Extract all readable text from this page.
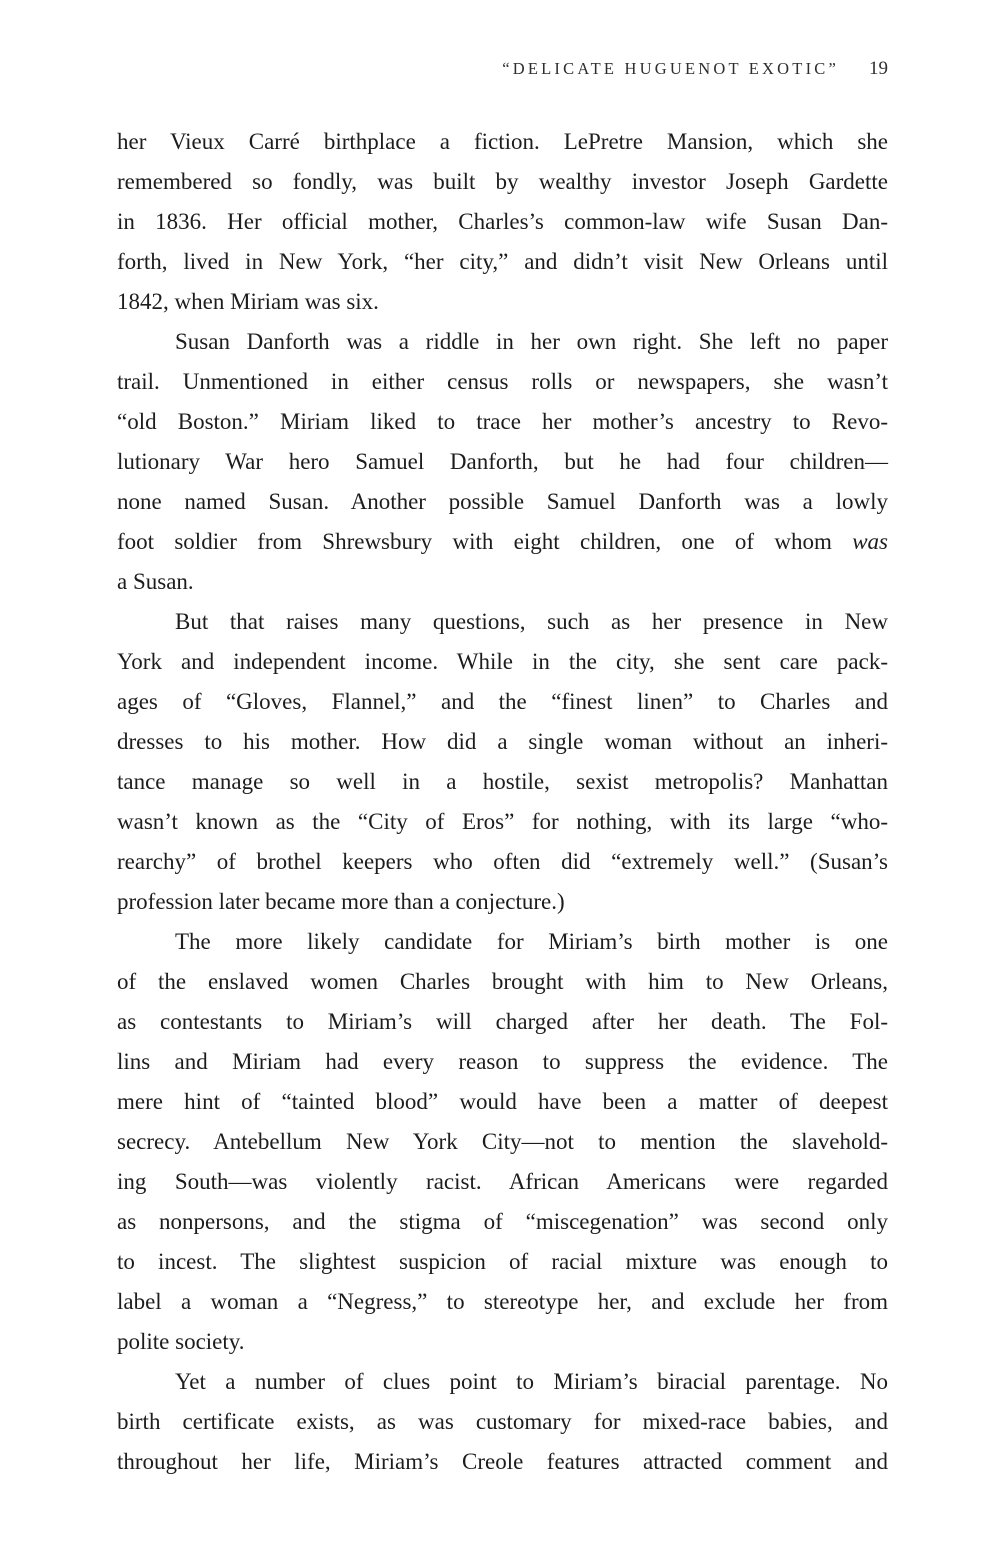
“DELICATE HUGUENOT EXOTIC” 19
her Vieux Carré birthplace a fiction. LePretre Mansion, which she
remembered so fondly, was built by wealthy investor Joseph Gardette
in 1836. Her official mother, Charles’s common-law wife Susan Dan-
forth, lived in New York, “her city,” and didn’t visit New Orleans until
1842, when Miriam was six.
Susan Danforth was a riddle in her own right. She left no paper
trail. Unmentioned in either census rolls or newspapers, she wasn’t
“old Boston.” Miriam liked to trace her mother’s ancestry to Revo-
lutionary War hero Samuel Danforth, but he had four children—
none named Susan. Another possible Samuel Danforth was a lowly
foot soldier from Shrewsbury with eight children, one of whom was
a Susan.
But that raises many questions, such as her presence in New
York and independent income. While in the city, she sent care pack-
ages of “Gloves, Flannel,” and the “finest linen” to Charles and
dresses to his mother. How did a single woman without an inheri-
tance manage so well in a hostile, sexist metropolis? Manhattan
wasn’t known as the “City of Eros” for nothing, with its large “who-
rearchy” of brothel keepers who often did “extremely well.” (Susan’s
profession later became more than a conjecture.)
The more likely candidate for Miriam’s birth mother is one
of the enslaved women Charles brought with him to New Orleans,
as contestants to Miriam’s will charged after her death. The Fol-
lins and Miriam had every reason to suppress the evidence. The
mere hint of “tainted blood” would have been a matter of deepest
secrecy. Antebellum New York City—not to mention the slavehold-
ing South—was violently racist. African Americans were regarded
as nonpersons, and the stigma of “miscegenation” was second only
to incest. The slightest suspicion of racial mixture was enough to
label a woman a “Negress,” to stereotype her, and exclude her from
polite society.
Yet a number of clues point to Miriam’s biracial parentage. No
birth certificate exists, as was customary for mixed-race babies, and
throughout her life, Miriam’s Creole features attracted comment and
